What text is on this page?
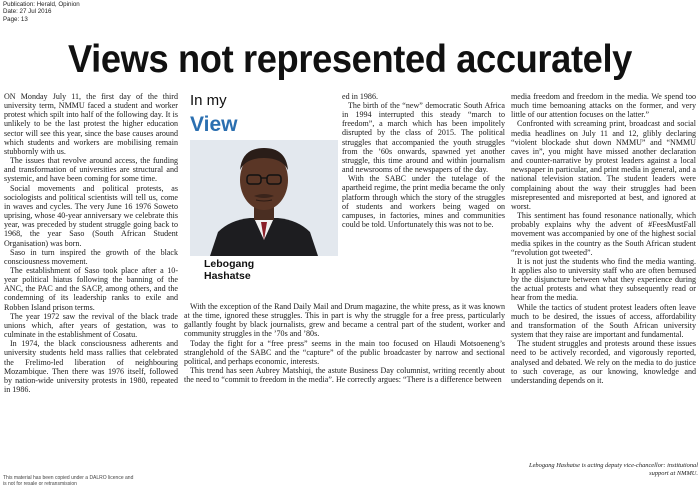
Publication: Herald, Opinion
Date: 27 Jul 2016
Page: 13
Views not represented accurately

ON Monday July 11, the first day of the third university term, NMMU faced a student and worker protest which spilt into half of the following day. It is unlikely to be the last protest the higher education sector will see this year, since the base causes around which students and workers are mobilising remain stubbornly with us.

The issues that revolve around access, the funding and transformation of universities are structural and systemic, and have been coming for some time.

Social movements and political protests, as sociologists and political scientists will tell us, come in waves and cycles. The very June 16 1976 Soweto uprising, whose 40-year anniversary we celebrate this year, was preceded by student struggle going back to 1968, the year Saso (South African Student Organisation) was born.

Saso in turn inspired the growth of the black consciousness movement.

The establishment of Saso took place after a 10-year political hiatus following the banning of the ANC, the PAC and the SACP, among others, and the condemning of its leadership ranks to exile and Robben Island prison terms.

The year 1972 saw the revival of the black trade unions which, after years of gestation, was to culminate in the establishment of Cosatu.

In 1974, the black consciousness adherents and university students held mass rallies that celebrated the Frelimo-led liberation of neighbouring Mozambique. Then there was 1976 itself, followed by nation-wide university protests in 1980, repeated in 1986.

In my
View
Lebogang
Hashatse

ed in 1986.

The birth of the “new” democratic South Africa in 1994 interrupted this steady “march to freedom”, a march which has been impolitely disrupted by the class of 2015. The political struggles that accompanied the youth struggles from the ’60s onwards, spawned yet another struggle, this time around and within journalism and newsrooms of the newspapers of the day.

With the SABC under the tutelage of the apartheid regime, the print media became the only platform through which the story of the struggles of students and workers being waged on campuses, in factories, mines and communities could be told. Unfortunately this was not to be.

With the exception of the Rand Daily Mail and Drum magazine, the white press, as it was known at the time, ignored these struggles. This in part is why the struggle for a free press, particularly gallantly fought by black journalists, grew and became a central part of the student, worker and community struggles in the ’70s and ’80s.

Today the fight for a “free press” seems in the main too focused on Hlaudi Motsoeneng’s stranglehold of the SABC and the “capture” of the public broadcaster by narrow and sectional political, and perhaps economic, interests.

This trend has seen Aubrey Matshiqi, the astute Business Day columnist, writing recently about the need to “commit to freedom in the media”. He correctly argues: “There is a difference between

media freedom and freedom in the media. We spend too much time bemoaning attacks on the former, and very little of our attention focuses on the latter.”

Confronted with screaming print, broadcast and social media headlines on July 11 and 12, glibly declaring “violent blockade shut down NMMU” and “NMMU caves in”, you might have missed another declaration and counter-narrative by protest leaders against a local newspaper in particular, and print media in general, and a national television station. The student leaders were complaining about the way their struggles had been misrepresented and misreported at best, and ignored at worst.

This sentiment has found resonance nationally, which probably explains why the advent of #FeesMustFall movement was accompanied by one of the highest social media spikes in the country as the South African student “revolution got tweeted”.

It is not just the students who find the media wanting. It applies also to university staff who are often bemused by the disjuncture between what they experience during the actual protests and what they subsequently read or hear from the media.

While the tactics of student protest leaders often leave much to be desired, the issues of access, affordability and transformation of the South African university system that they raise are important and fundamental.

The student struggles and protests around these issues need to be actively recorded, and vigorously reported, analysed and debated. We rely on the media to do justice to such coverage, as our knowing, knowledge and understanding depends on it.

Lebogang Hashatse is acting deputy vice-chancellor: institutional support at NMMU.
This material has been copied under a DALRO licence and
is not for resale or retransmission
